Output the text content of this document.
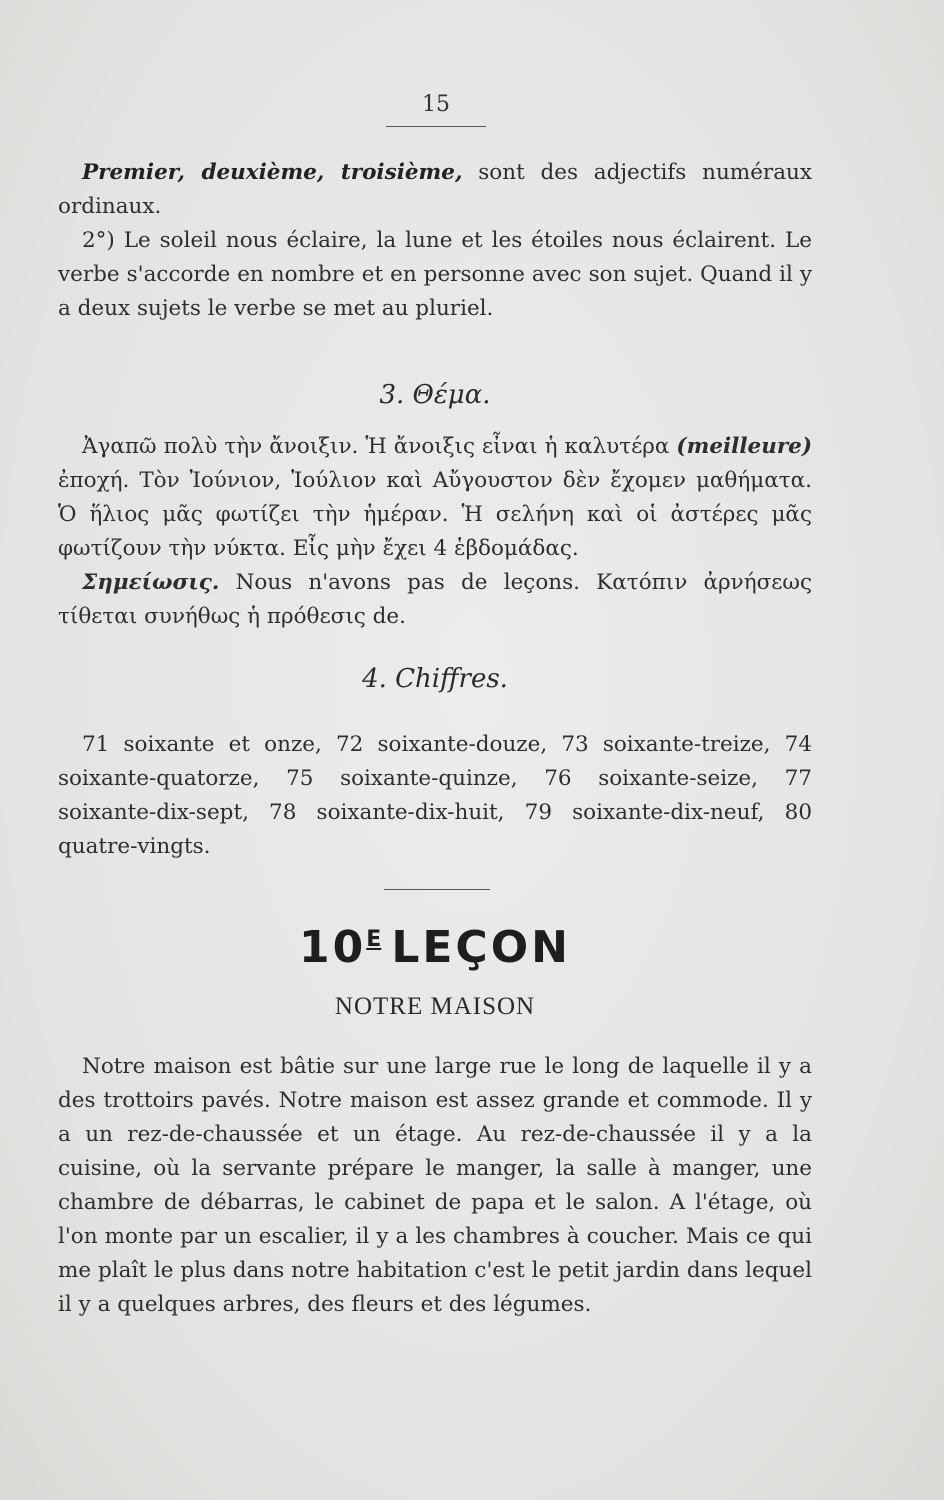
15

Premier, deuxième, troisième, sont des adjectifs numéraux ordinaux.

2°) Le soleil nous éclaire, la lune et les étoiles nous éclairent. Le verbe s'accorde en nombre et en personne avec son sujet. Quand il y a deux sujets le verbe se met au pluriel.

3. Θέμα.

Ἀγαπῶ πολὺ τὴν ἄνοιξιν. Ἡ ἄνοιξις εἶναι ἡ καλυτέρα (meilleure) ἐποχή. Τὸν Ἰούνιον, Ἰούλιον καὶ Αὔγουστον δὲν ἔχομεν μαθήματα. Ὁ ἥλιος μᾶς φωτίζει τὴν ἡμέραν. Ἡ σελήνη καὶ οἱ ἀστέρες μᾶς φωτίζουν τὴν νύκτα. Εἶς μὴν ἔχει 4 ἑβδομάδας.

Σημείωσις. Nous n'avons pas de leçons. Κατόπιν ἀρνήσεως τίθεται συνήθως ἡ πρόθεσις de.

4. Chiffres.

71 soixante et onze, 72 soixante-douze, 73 soixante-treize, 74 soixante-quatorze, 75 soixante-quinze, 76 soixante-seize, 77 soixante-dix-sept, 78 soixante-dix-huit, 79 soixante-dix-neuf, 80 quatre-vingts.

$10^E$ LEÇON
NOTRE MAISON

Notre maison est bâtie sur une large rue le long de laquelle il y a des trottoirs pavés. Notre maison est assez grande et commode. Il y a un rez-de-chaussée et un étage. Au rez-de-chaussée il y a la cuisine, où la servante prépare le manger, la salle à manger, une chambre de débarras, le cabinet de papa et le salon. A l'étage, où l'on monte par un escalier, il y a les chambres à coucher. Mais ce qui me plaît le plus dans notre habitation c'est le petit jardin dans lequel il y a quelques arbres, des fleurs et des légumes.
